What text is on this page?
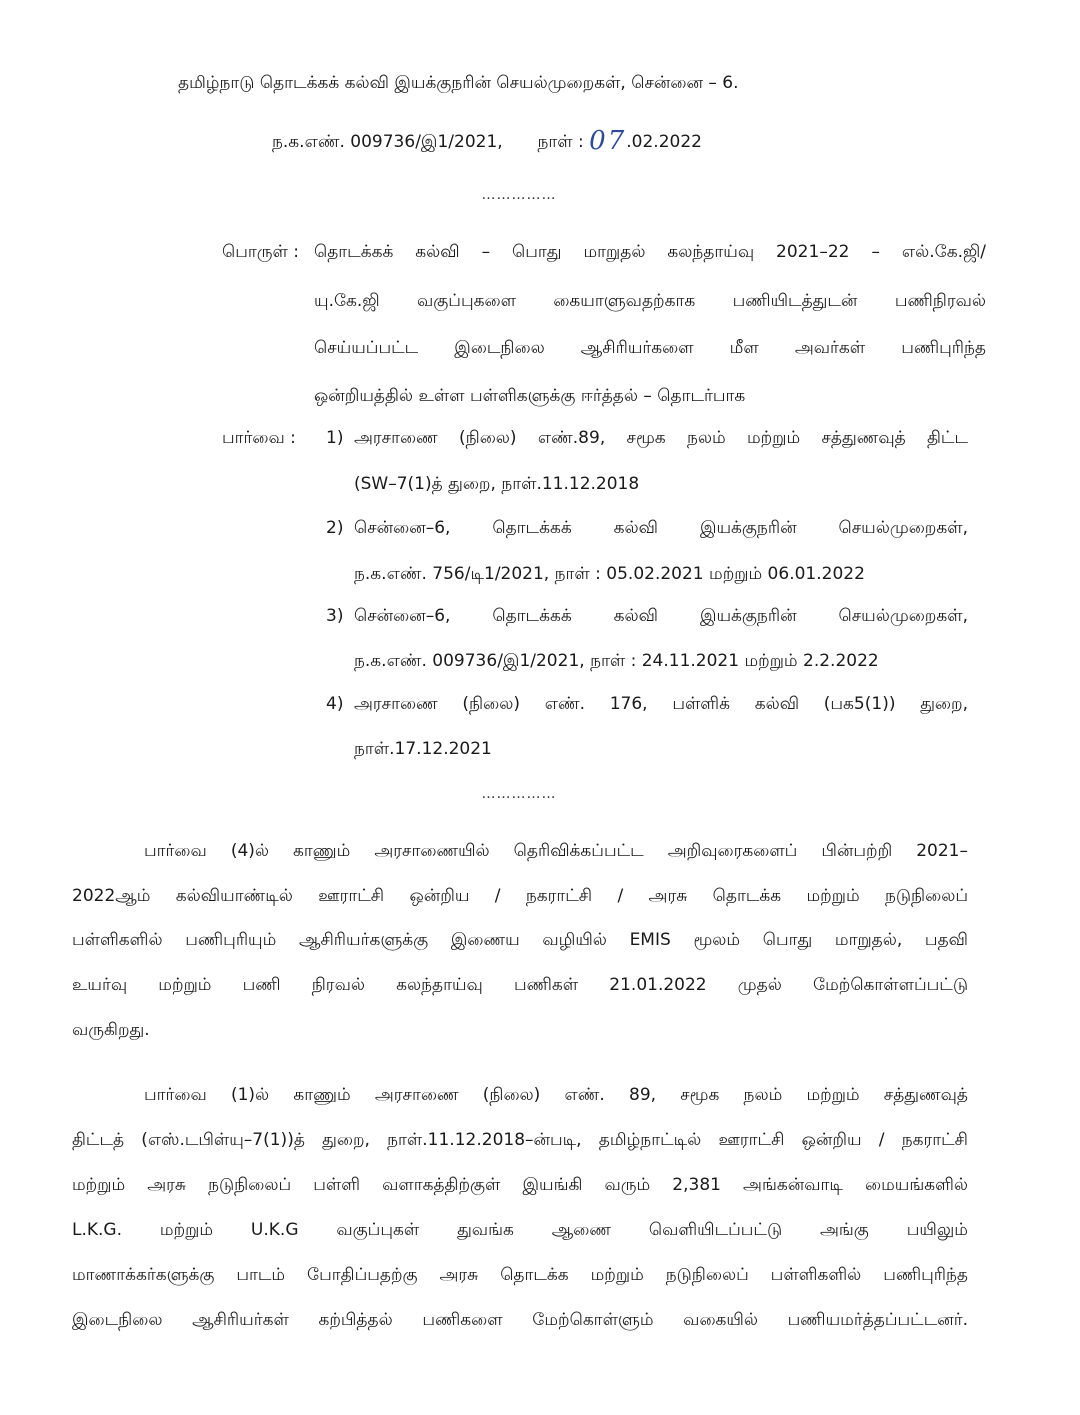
தமிழ்நாடு தொடக்கக் கல்வி இயக்குநரின் செயல்முறைகள், சென்னை – 6.
ந.க.எண். 009736/இ1/2021, நாள் : 07.02.2022
……………
பொருள் : தொடக்கக் கல்வி – பொது மாறுதல் கலந்தாய்வு 2021–22 – எல்.கே.ஜி/
யு.கே.ஜி வகுப்புகளை கையாளுவதற்காக பணியிடத்துடன் பணிநிரவல்
செய்யப்பட்ட இடைநிலை ஆசிரியர்களை மீள அவர்கள் பணிபுரிந்த
ஒன்றியத்தில் உள்ள பள்ளிகளுக்கு ஈர்த்தல் – தொடர்பாக
பார்வை : 1) அரசாணை (நிலை) எண்.89, சமூக நலம் மற்றும் சத்துணவுத் திட்ட
(SW–7(1)த் துறை, நாள்.11.12.2018
2) சென்னை–6, தொடக்கக் கல்வி இயக்குநரின் செயல்முறைகள்,
ந.க.எண். 756/டி1/2021, நாள் : 05.02.2021 மற்றும் 06.01.2022
3) சென்னை–6, தொடக்கக் கல்வி இயக்குநரின் செயல்முறைகள்,
ந.க.எண். 009736/இ1/2021, நாள் : 24.11.2021 மற்றும் 2.2.2022
4) அரசாணை (நிலை) எண். 176, பள்ளிக் கல்வி (பக5(1)) துறை,
நாள்.17.12.2021
……………
பார்வை (4)ல் காணும் அரசாணையில் தெரிவிக்கப்பட்ட அறிவுரைகளைப் பின்பற்றி 2021–
2022ஆம் கல்வியாண்டில் ஊராட்சி ஒன்றிய / நகராட்சி / அரசு தொடக்க மற்றும் நடுநிலைப்
பள்ளிகளில் பணிபுரியும் ஆசிரியர்களுக்கு இணைய வழியில் EMIS மூலம் பொது மாறுதல், பதவி
உயர்வு மற்றும் பணி நிரவல் கலந்தாய்வு பணிகள் 21.01.2022 முதல் மேற்கொள்ளப்பட்டு
வருகிறது.
பார்வை (1)ல் காணும் அரசாணை (நிலை) எண். 89, சமூக நலம் மற்றும் சத்துணவுத்
திட்டத் (எஸ்.டபிள்யு–7(1))த் துறை, நாள்.11.12.2018–ன்படி, தமிழ்நாட்டில் ஊராட்சி ஒன்றிய / நகராட்சி
மற்றும் அரசு நடுநிலைப் பள்ளி வளாகத்திற்குள் இயங்கி வரும் 2,381 அங்கன்வாடி மையங்களில்
L.K.G. மற்றும் U.K.G வகுப்புகள் துவங்க ஆணை வெளியிடப்பட்டு அங்கு பயிலும்
மாணாக்கர்களுக்கு பாடம் போதிப்பதற்கு அரசு தொடக்க மற்றும் நடுநிலைப் பள்ளிகளில் பணிபுரிந்த
இடைநிலை ஆசிரியர்கள் கற்பித்தல் பணிகளை மேற்கொள்ளும் வகையில் பணியமர்த்தப்பட்டனர்.
